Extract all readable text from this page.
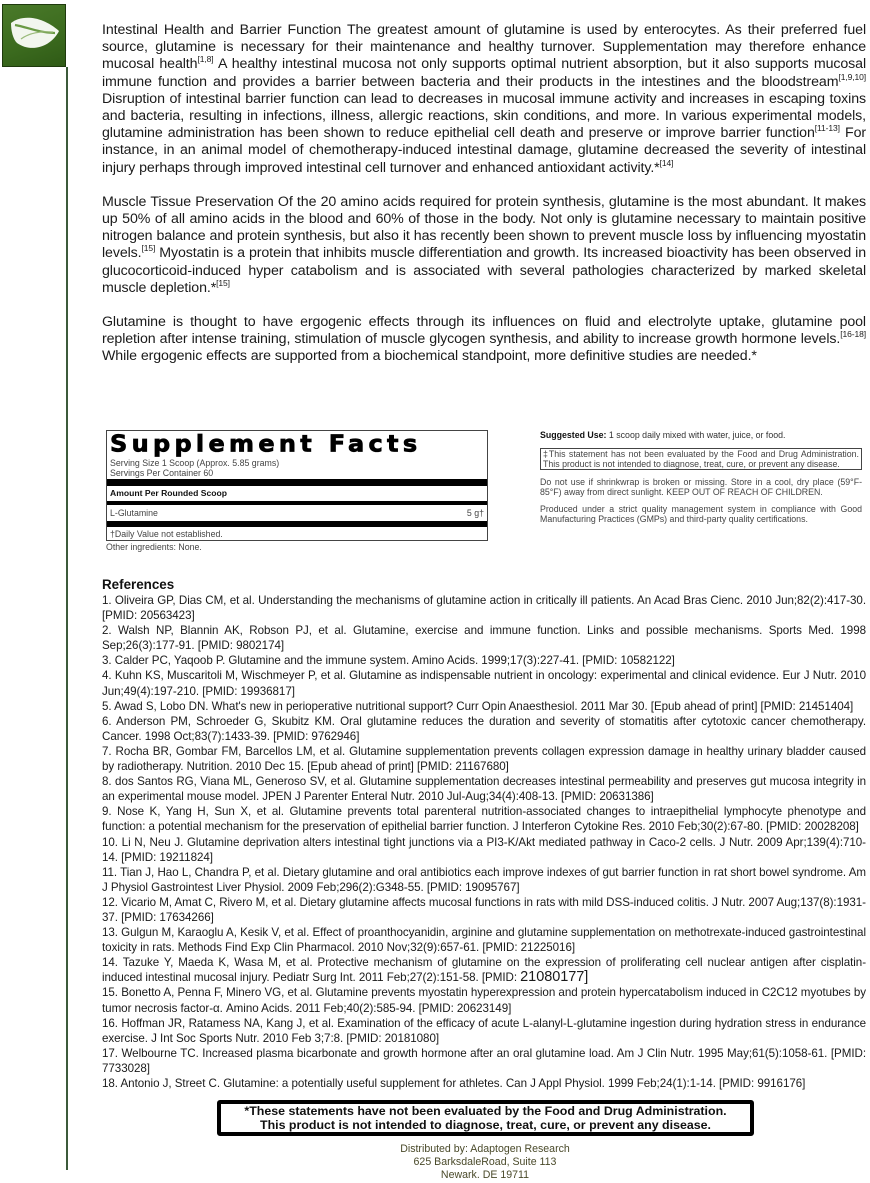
Intestinal Health and Barrier Function The greatest amount of glutamine is used by enterocytes. As their preferred fuel source, glutamine is necessary for their maintenance and healthy turnover. Supplementation may therefore enhance mucosal health[1,8] A healthy intestinal mucosa not only supports optimal nutrient absorption, but it also supports mucosal immune function and provides a barrier between bacteria and their products in the intestines and the bloodstream[1,9,10] Disruption of intestinal barrier function can lead to decreases in mucosal immune activity and increases in escaping toxins and bacteria, resulting in infections, illness, allergic reactions, skin conditions, and more. In various experimental models, glutamine administration has been shown to reduce epithelial cell death and preserve or improve barrier function[11-13] For instance, in an animal model of chemotherapy-induced intestinal damage, glutamine decreased the severity of intestinal injury perhaps through improved intestinal cell turnover and enhanced antioxidant activity.*[14]

Muscle Tissue Preservation Of the 20 amino acids required for protein synthesis, glutamine is the most abundant. It makes up 50% of all amino acids in the blood and 60% of those in the body. Not only is glutamine necessary to maintain positive nitrogen balance and protein synthesis, but also it has recently been shown to prevent muscle loss by influencing myostatin levels.[15] Myostatin is a protein that inhibits muscle differentiation and growth. Its increased bioactivity has been observed in glucocorticoid-induced hyper catabolism and is associated with several pathologies characterized by marked skeletal muscle depletion.*[15]

Glutamine is thought to have ergogenic effects through its influences on fluid and electrolyte uptake, glutamine pool repletion after intense training, stimulation of muscle glycogen synthesis, and ability to increase growth hormone levels.[16-18] While ergogenic effects are supported from a biochemical standpoint, more definitive studies are needed.*

Supplement Facts
Serving Size 1 Scoop (Approx. 5.85 grams)
Servings Per Container 60
Amount Per Rounded Scoop
L-Glutamine	5 g†
†Daily Value not established.
Other ingredients: None.
Suggested Use: 1 scoop daily mixed with water, juice, or food.
‡This statement has not been evaluated by the Food and Drug Administration. This product is not intended to diagnose, treat, cure, or prevent any disease.

Do not use if shrinkwrap is broken or missing. Store in a cool, dry place (59°F-85°F) away from direct sunlight. KEEP OUT OF REACH OF CHILDREN.

Produced under a strict quality management system in compliance with Good Manufacturing Practices (GMPs) and third-party quality certifications.

References
1. Oliveira GP, Dias CM, et al. Understanding the mechanisms of glutamine action in critically ill patients. An Acad Bras Cienc. 2010 Jun;82(2):417-30. [PMID: 20563423]
2. Walsh NP, Blannin AK, Robson PJ, et al. Glutamine, exercise and immune function. Links and possible mechanisms. Sports Med. 1998 Sep;26(3):177-91. [PMID: 9802174]
3. Calder PC, Yaqoob P. Glutamine and the immune system. Amino Acids. 1999;17(3):227-41. [PMID: 10582122]
4. Kuhn KS, Muscaritoli M, Wischmeyer P, et al. Glutamine as indispensable nutrient in oncology: experimental and clinical evidence. Eur J Nutr. 2010 Jun;49(4):197-210. [PMID: 19936817]
5. Awad S, Lobo DN. What's new in perioperative nutritional support? Curr Opin Anaesthesiol. 2011 Mar 30. [Epub ahead of print] [PMID: 21451404]
6. Anderson PM, Schroeder G, Skubitz KM. Oral glutamine reduces the duration and severity of stomatitis after cytotoxic cancer chemotherapy. Cancer. 1998 Oct;83(7):1433-39. [PMID: 9762946]
7. Rocha BR, Gombar FM, Barcellos LM, et al. Glutamine supplementation prevents collagen expression damage in healthy urinary bladder caused by radiotherapy. Nutrition. 2010 Dec 15. [Epub ahead of print] [PMID: 21167680]
8. dos Santos RG, Viana ML, Generoso SV, et al. Glutamine supplementation decreases intestinal permeability and preserves gut mucosa integrity in an experimental mouse model. JPEN J Parenter Enteral Nutr. 2010 Jul-Aug;34(4):408-13. [PMID: 20631386]
9. Nose K, Yang H, Sun X, et al. Glutamine prevents total parenteral nutrition-associated changes to intraepithelial lymphocyte phenotype and function: a potential mechanism for the preservation of epithelial barrier function. J Interferon Cytokine Res. 2010 Feb;30(2):67-80. [PMID: 20028208]
10. Li N, Neu J. Glutamine deprivation alters intestinal tight junctions via a PI3-K/Akt mediated pathway in Caco-2 cells. J Nutr. 2009 Apr;139(4):710-14. [PMID: 19211824]
11. Tian J, Hao L, Chandra P, et al. Dietary glutamine and oral antibiotics each improve indexes of gut barrier function in rat short bowel syndrome. Am J Physiol Gastrointest Liver Physiol. 2009 Feb;296(2):G348-55. [PMID: 19095767]
12. Vicario M, Amat C, Rivero M, et al. Dietary glutamine affects mucosal functions in rats with mild DSS-induced colitis. J Nutr. 2007 Aug;137(8):1931-37. [PMID: 17634266]
13. Gulgun M, Karaoglu A, Kesik V, et al. Effect of proanthocyanidin, arginine and glutamine supplementation on methotrexate-induced gastrointestinal toxicity in rats. Methods Find Exp Clin Pharmacol. 2010 Nov;32(9):657-61. [PMID: 21225016]
14. Tazuke Y, Maeda K, Wasa M, et al. Protective mechanism of glutamine on the expression of proliferating cell nuclear antigen after cisplatin-induced intestinal mucosal injury. Pediatr Surg Int. 2011 Feb;27(2):151-58. [PMID: 21080177]
15. Bonetto A, Penna F, Minero VG, et al. Glutamine prevents myostatin hyperexpression and protein hypercatabolism induced in C2C12 myotubes by tumor necrosis factor-α. Amino Acids. 2011 Feb;40(2):585-94. [PMID: 20623149]
16. Hoffman JR, Ratamess NA, Kang J, et al. Examination of the efficacy of acute L-alanyl-L-glutamine ingestion during hydration stress in endurance exercise. J Int Soc Sports Nutr. 2010 Feb 3;7:8. [PMID: 20181080]
17. Welbourne TC. Increased plasma bicarbonate and growth hormone after an oral glutamine load. Am J Clin Nutr. 1995 May;61(5):1058-61. [PMID: 7733028]
18. Antonio J, Street C. Glutamine: a potentially useful supplement for athletes. Can J Appl Physiol. 1999 Feb;24(1):1-14. [PMID: 9916176]
*These statements have not been evaluated by the Food and Drug Administration.
This product is not intended to diagnose, treat, cure, or prevent any disease.
Distributed by: Adaptogen Research
625 BarksdaleRoad, Suite 113
Newark. DE 19711
